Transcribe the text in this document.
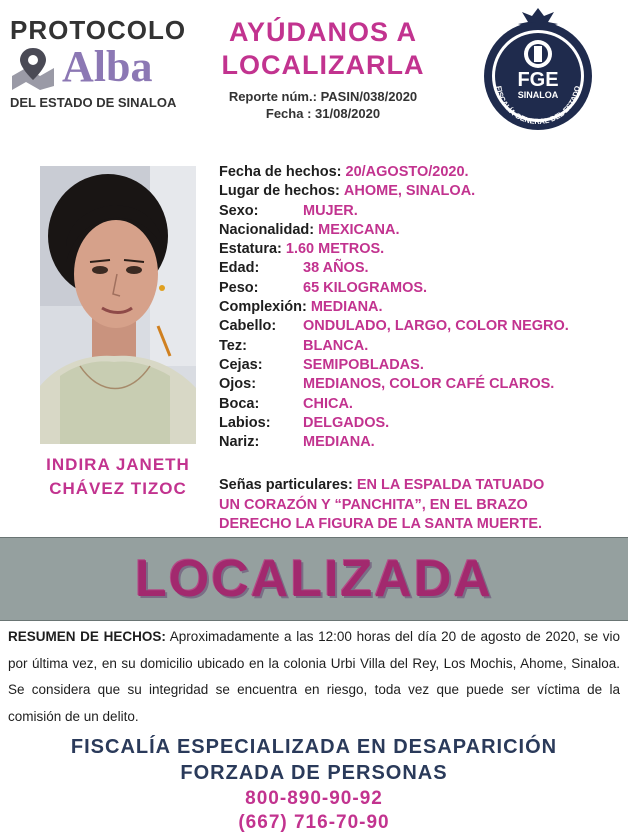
PROTOCOLO
Alba
DEL ESTADO DE SINALOA
AYÚDANOS A
LOCALIZARLA
Reporte núm.: PASIN/038/2020
Fecha : 31/08/2020
FGE
SINALOA
FISCALÍA GENERAL DEL ESTADO
INDIRA JANETH
CHÁVEZ TIZOC
Fecha de hechos: 20/AGOSTO/2020.
Lugar de hechos: AHOME, SINALOA.
Sexo:	MUJER.
Nacionalidad: MEXICANA.
Estatura: 1.60 METROS.
Edad:	38 AÑOS.
Peso:	65 KILOGRAMOS.
Complexión: MEDIANA.
Cabello: ONDULADO, LARGO, COLOR NEGRO.
Tez:	BLANCA.
Cejas:	SEMIPOBLADAS.
Ojos:	MEDIANOS, COLOR CAFÉ CLAROS.
Boca:	CHICA.
Labios: DELGADOS.
Nariz:	MEDIANA.
Señas particulares: EN LA ESPALDA TATUADO
UN CORAZÓN Y “PANCHITA”, EN EL BRAZO
DERECHO LA FIGURA DE LA SANTA MUERTE.
LOCALIZADA
RESUMEN DE HECHOS: Aproximadamente a las 12:00 horas del día 20 de agosto de 2020, se vio por última vez, en su domicilio ubicado en la colonia Urbi Villa del Rey, Los Mochis, Ahome, Sinaloa. Se considera que su integridad se encuentra en riesgo, toda vez que puede ser víctima de la comisión de un delito.
FISCALÍA ESPECIALIZADA EN DESAPARICIÓN
FORZADA DE PERSONAS
800-890-90-92
(667) 716-70-90
